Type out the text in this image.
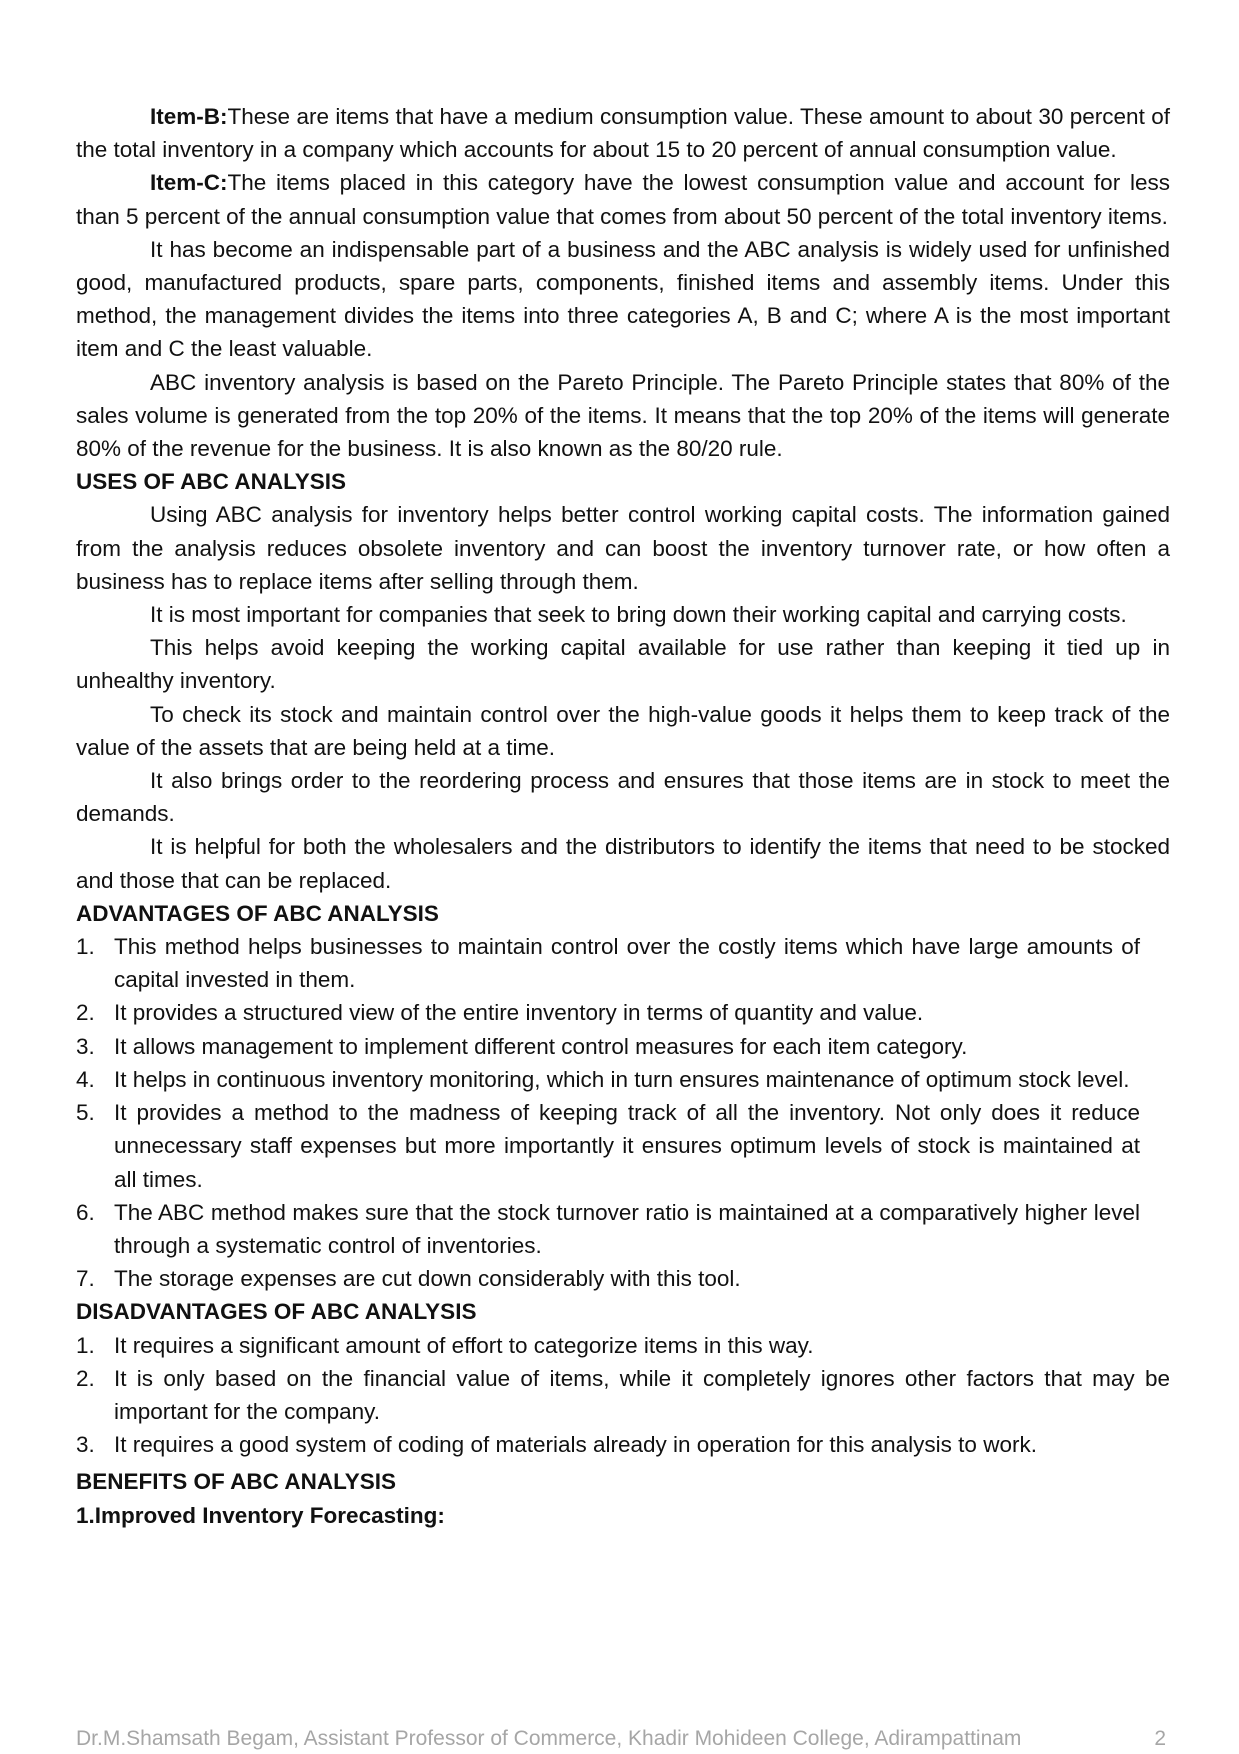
Item-B:These are items that have a medium consumption value. These amount to about 30 percent of the total inventory in a company which accounts for about 15 to 20 percent of annual consumption value.

Item-C:The items placed in this category have the lowest consumption value and account for less than 5 percent of the annual consumption value that comes from about 50 percent of the total inventory items.

It has become an indispensable part of a business and the ABC analysis is widely used for unfinished good, manufactured products, spare parts, components, finished items and assembly items. Under this method, the management divides the items into three categories A, B and C; where A is the most important item and C the least valuable.

ABC inventory analysis is based on the Pareto Principle. The Pareto Principle states that 80% of the sales volume is generated from the top 20% of the items. It means that the top 20% of the items will generate 80% of the revenue for the business. It is also known as the 80/20 rule.

USES OF ABC ANALYSIS

Using ABC analysis for inventory helps better control working capital costs. The information gained from the analysis reduces obsolete inventory and can boost the inventory turnover rate, or how often a business has to replace items after selling through them.

It is most important for companies that seek to bring down their working capital and carrying costs.

This helps avoid keeping the working capital available for use rather than keeping it tied up in unhealthy inventory.

To check its stock and maintain control over the high-value goods it helps them to keep track of the value of the assets that are being held at a time.

It also brings order to the reordering process and ensures that those items are in stock to meet the demands.

It is helpful for both the wholesalers and the distributors to identify the items that need to be stocked and those that can be replaced.

ADVANTAGES OF ABC ANALYSIS
1. This method helps businesses to maintain control over the costly items which have large amounts of capital invested in them.
2. It provides a structured view of the entire inventory in terms of quantity and value.
3. It allows management to implement different control measures for each item category.
4. It helps in continuous inventory monitoring, which in turn ensures maintenance of optimum stock level.
5. It provides a method to the madness of keeping track of all the inventory. Not only does it reduce unnecessary staff expenses but more importantly it ensures optimum levels of stock is maintained at all times.
6. The ABC method makes sure that the stock turnover ratio is maintained at a comparatively higher level through a systematic control of inventories.
7. The storage expenses are cut down considerably with this tool.
DISADVANTAGES OF ABC ANALYSIS
1. It requires a significant amount of effort to categorize items in this way.
2. It is only based on the financial value of items, while it completely ignores other factors that may be important for the company.
3. It requires a good system of coding of materials already in operation for this analysis to work.
BENEFITS OF ABC ANALYSIS
1.Improved Inventory Forecasting:
Dr.M.Shamsath Begam, Assistant Professor of Commerce, Khadir Mohideen College, Adirampattinam	2
